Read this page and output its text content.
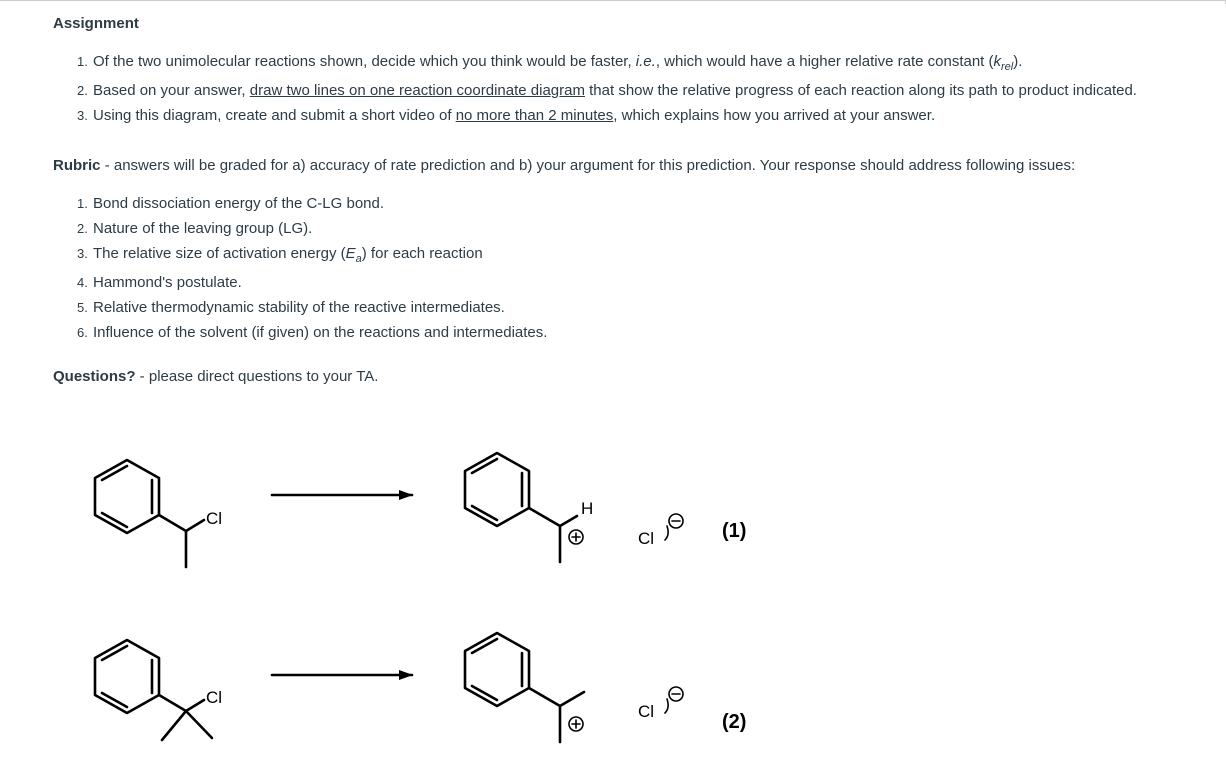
Assignment
1. Of the two unimolecular reactions shown, decide which you think would be faster, i.e., which would have a higher relative rate constant $(k_{rel})$.
2. Based on your answer, draw two lines on one reaction coordinate diagram that show the relative progress of each reaction along its path to product indicated.
3. Using this diagram, create and submit a short video of no more than 2 minutes, which explains how you arrived at your answer.
Rubric - answers will be graded for a) accuracy of rate prediction and b) your argument for this prediction. Your response should address following issues:
1. Bond dissociation energy of the C-LG bond.
2. Nature of the leaving group (LG).
3. The relative size of activation energy $(E_a)$ for each reaction
4. Hammond's postulate.
5. Relative thermodynamic stability of the reactive intermediates.
6. Influence of the solvent (if given) on the reactions and intermediates.
Questions? - please direct questions to your TA.
Cl
H
Cl	(1)
Cl
Cl	(2)
